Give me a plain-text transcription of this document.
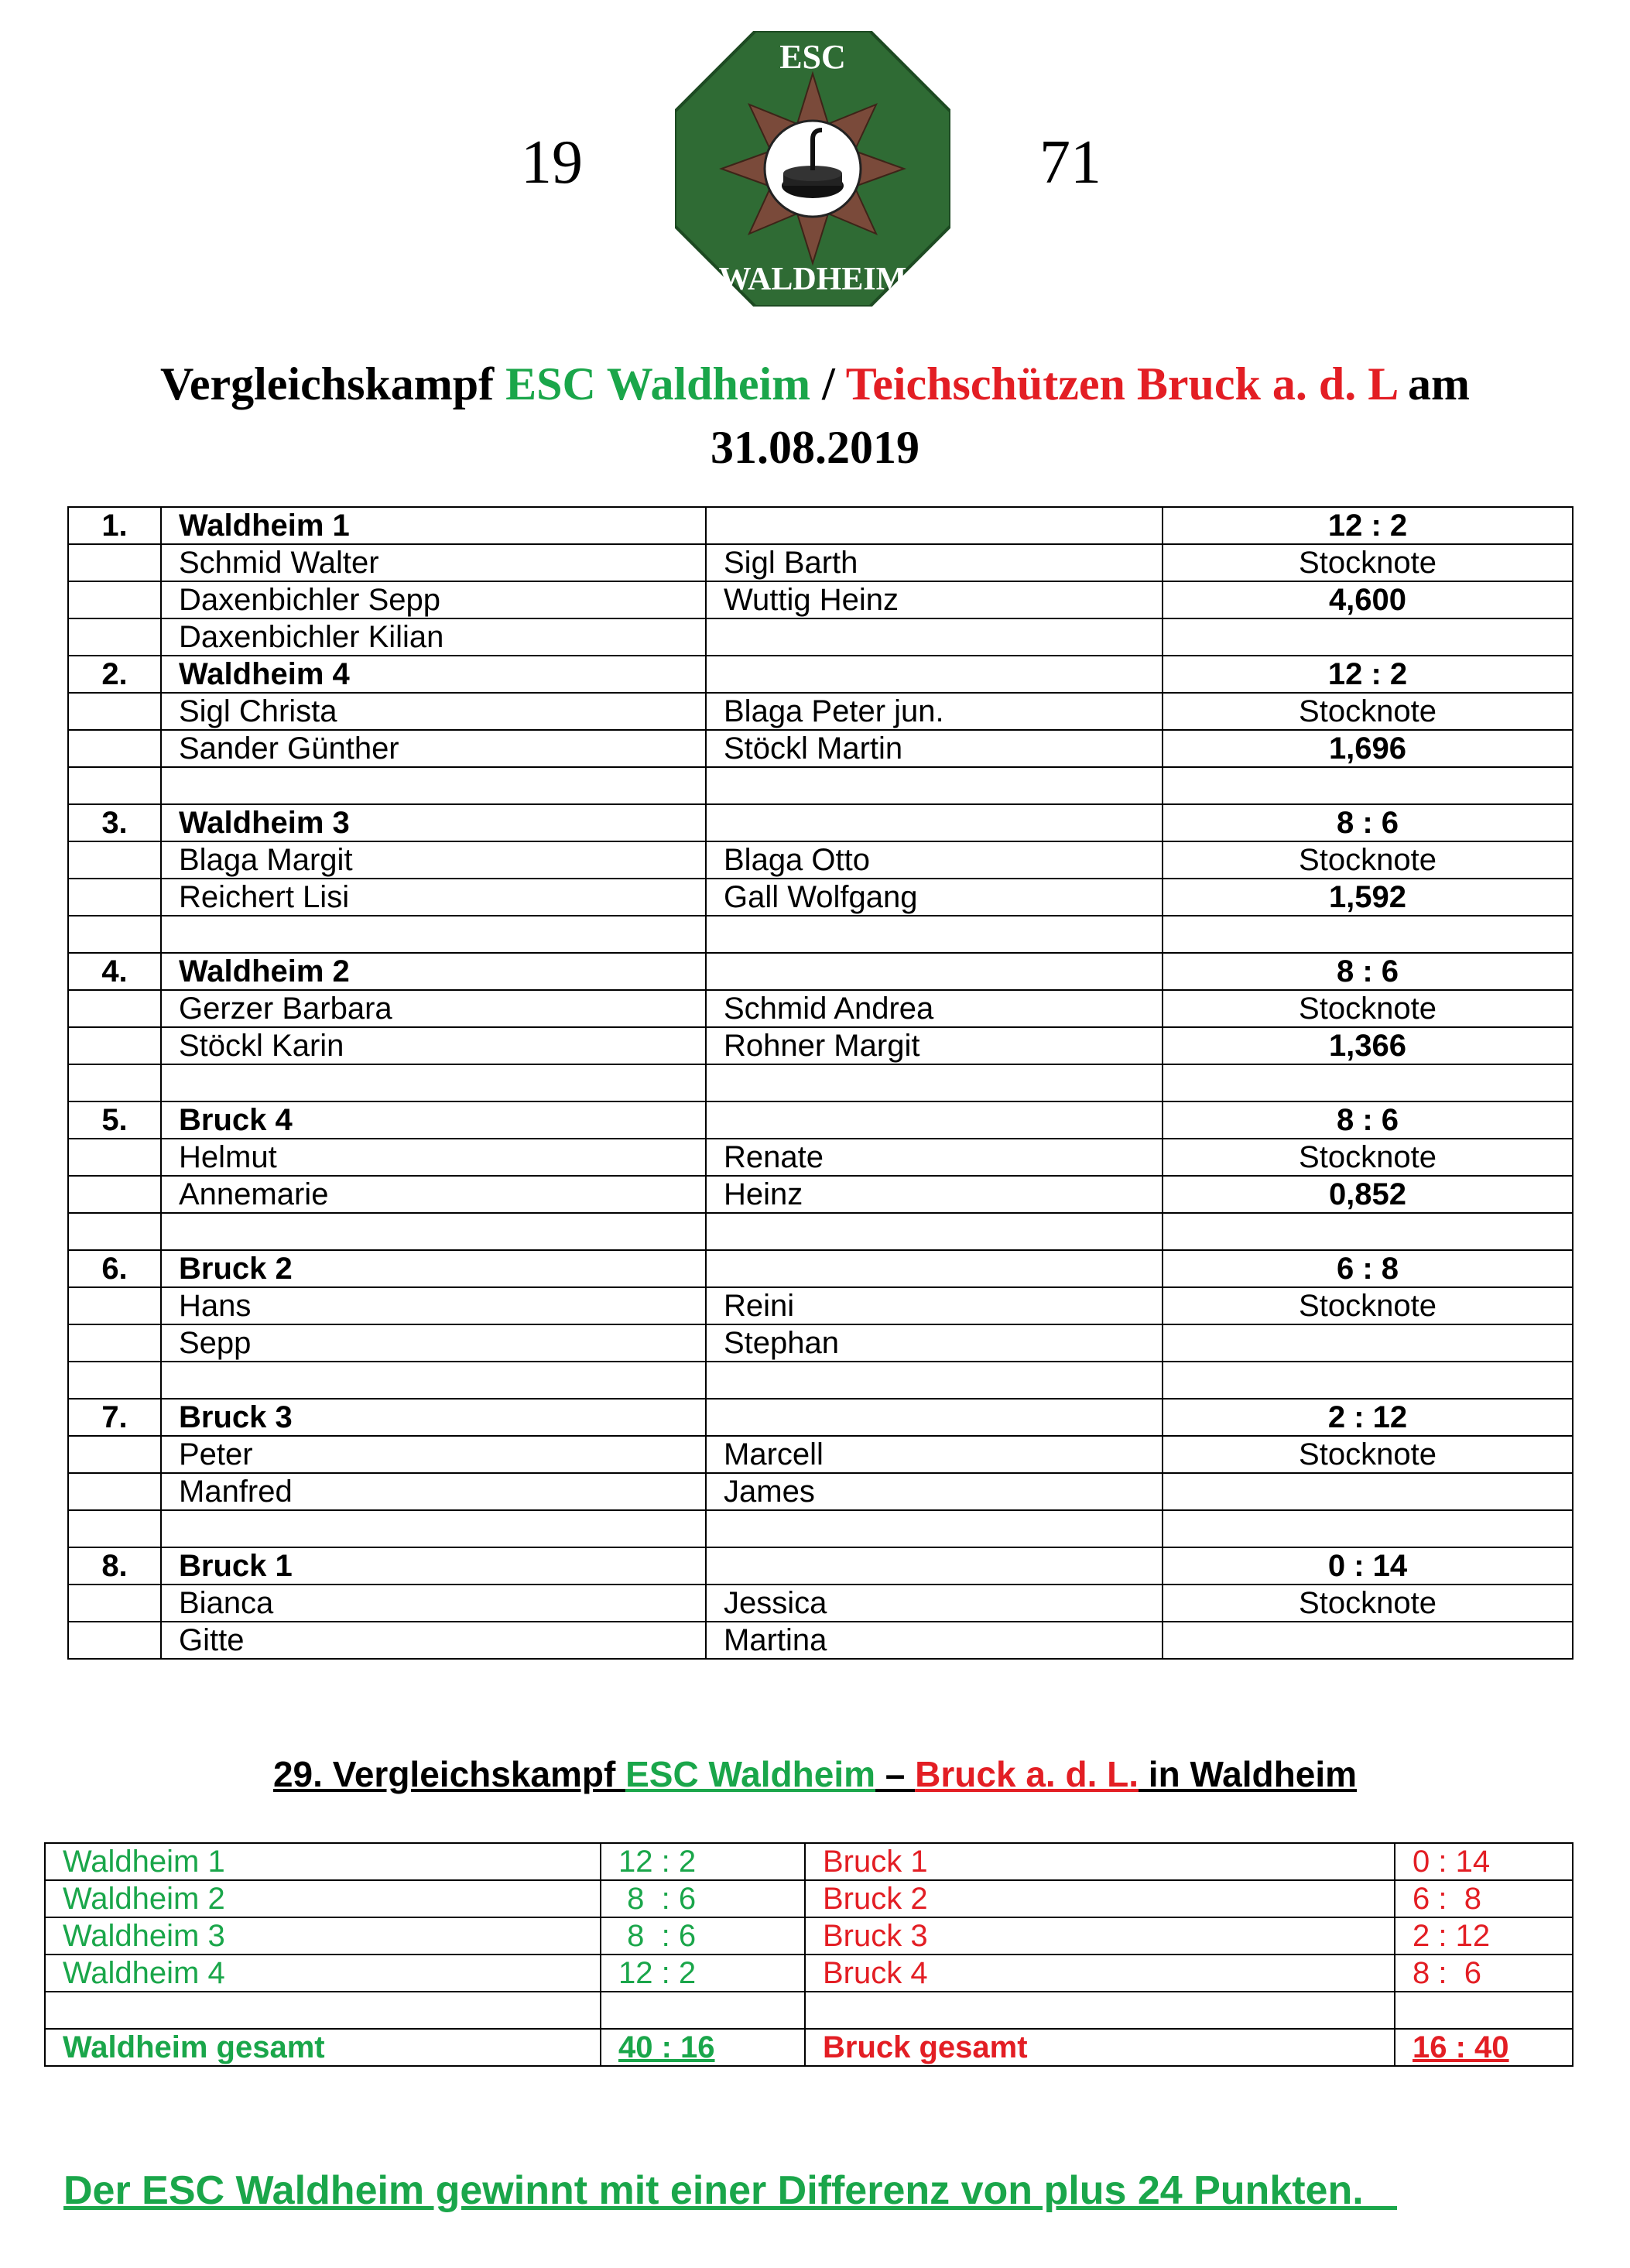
19
ESC
WALDHEIM
71
Vergleichskampf ESC Waldheim / Teichschützen Bruck a. d. L am
31.08.2019
1.	Waldheim 1		12 : 2
	Schmid Walter	Sigl Barth	Stocknote
	Daxenbichler Sepp	Wuttig Heinz	4,600
	Daxenbichler Kilian		
2.	Waldheim 4		12 : 2
	Sigl Christa	Blaga Peter jun.	Stocknote
	Sander Günther	Stöckl Martin	1,696

3.	Waldheim 3		8 : 6
	Blaga Margit	Blaga Otto	Stocknote
	Reichert Lisi	Gall Wolfgang	1,592

4.	Waldheim 2		8 : 6
	Gerzer Barbara	Schmid Andrea	Stocknote
	Stöckl Karin	Rohner Margit	1,366

5.	Bruck 4		8 : 6
	Helmut	Renate	Stocknote
	Annemarie	Heinz	0,852

6.	Bruck 2		6 : 8
	Hans	Reini	Stocknote
	Sepp	Stephan	

7.	Bruck 3		2 : 12
	Peter	Marcell	Stocknote
	Manfred	James	

8.	Bruck 1		0 : 14
	Bianca	Jessica	Stocknote
	Gitte	Martina	
29. Vergleichskampf ESC Waldheim – Bruck a. d. L. in Waldheim
Waldheim 1	12 : 2	Bruck 1	0 : 14
Waldheim 2	8  : 6	Bruck 2	6 :  8
Waldheim 3	8  : 6	Bruck 3	2 : 12
Waldheim 4	12 : 2	Bruck 4	8 :  6

Waldheim gesamt	40 : 16	Bruck gesamt	16 : 40
Der ESC Waldheim gewinnt mit einer Differenz von plus 24 Punkten.
